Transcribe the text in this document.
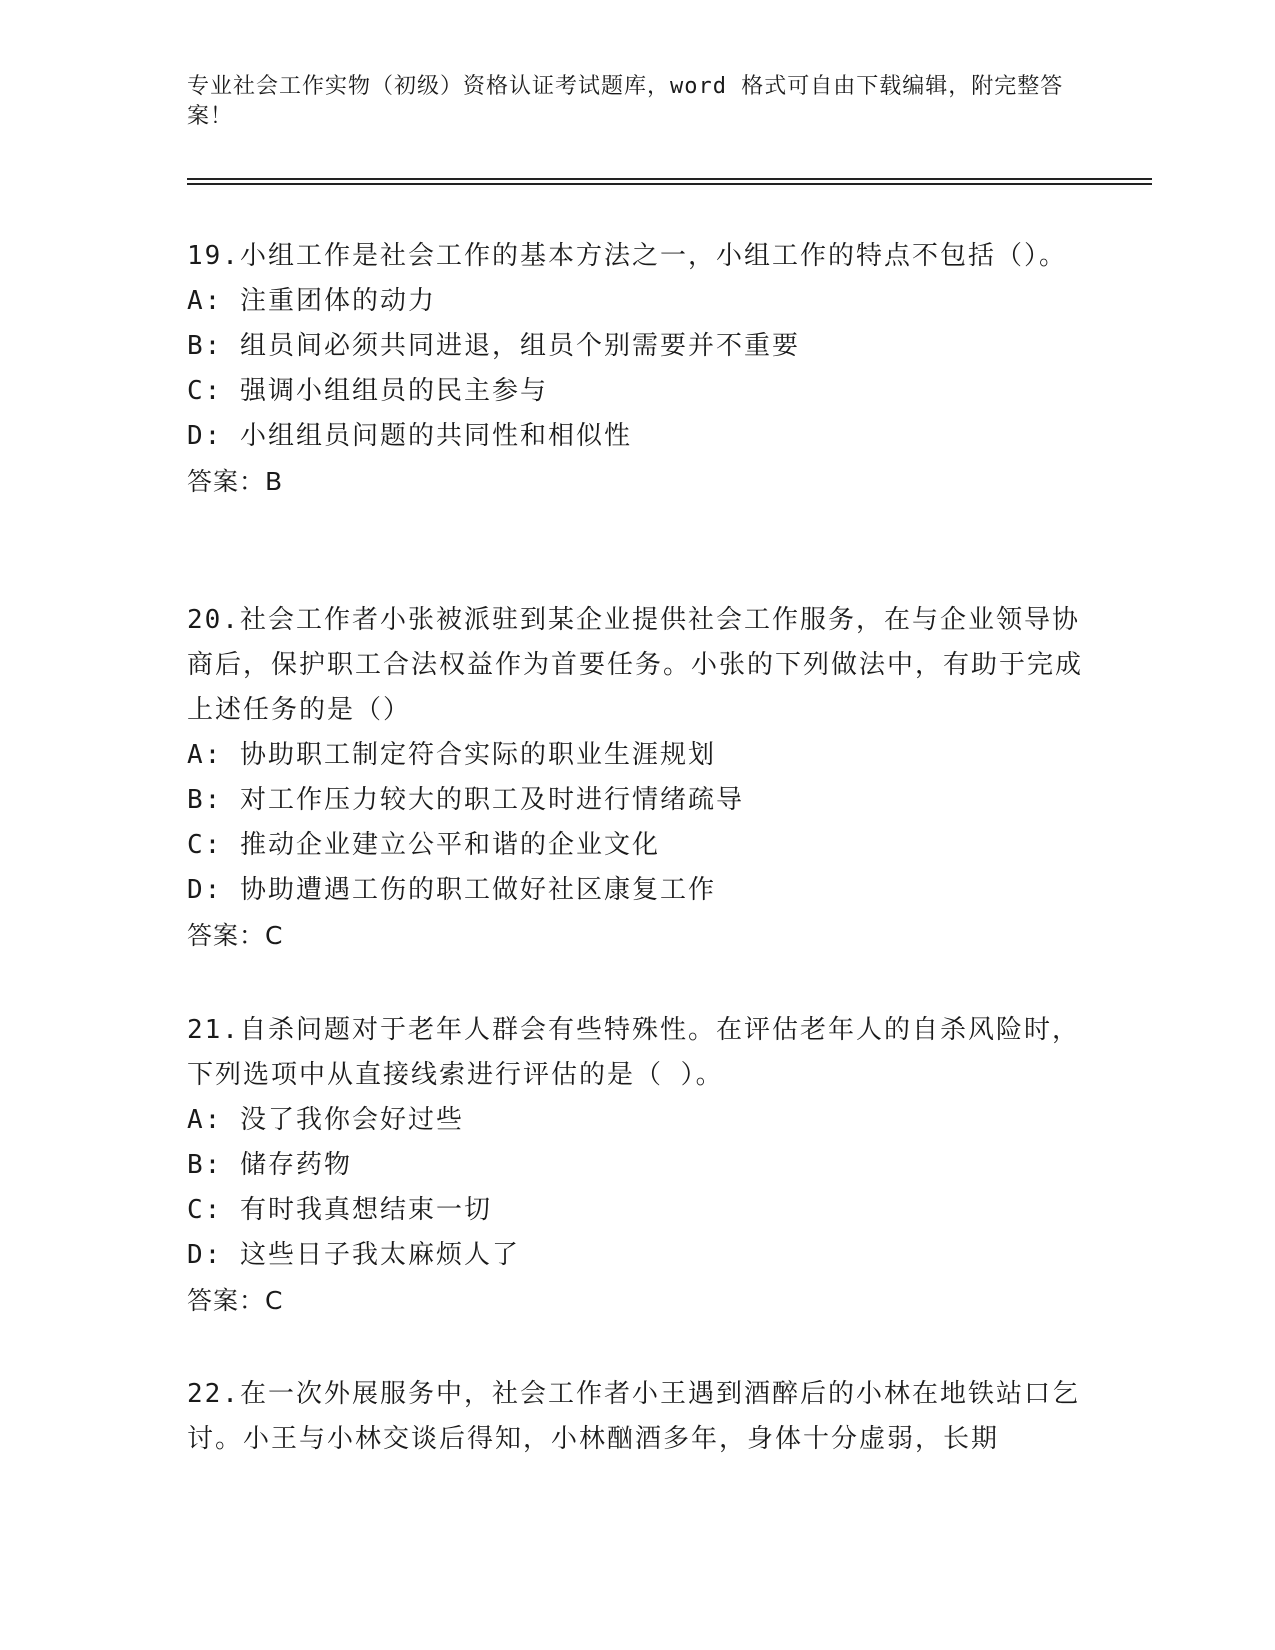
专业社会工作实物（初级）资格认证考试题库，word 格式可自由下载编辑，附完整答案！
19.小组工作是社会工作的基本方法之一，小组工作的特点不包括（）。
A: 注重团体的动力
B: 组员间必须共同进退，组员个别需要并不重要
C: 强调小组组员的民主参与
D: 小组组员问题的共同性和相似性
答案：B
20.社会工作者小张被派驻到某企业提供社会工作服务，在与企业领导协商后，保护职工合法权益作为首要任务。小张的下列做法中，有助于完成上述任务的是（）
A: 协助职工制定符合实际的职业生涯规划
B: 对工作压力较大的职工及时进行情绪疏导
C: 推动企业建立公平和谐的企业文化
D: 协助遭遇工伤的职工做好社区康复工作
答案：C
21.自杀问题对于老年人群会有些特殊性。在评估老年人的自杀风险时，下列选项中从直接线索进行评估的是（ ）。
A: 没了我你会好过些
B: 储存药物
C: 有时我真想结束一切
D: 这些日子我太麻烦人了
答案：C
22.在一次外展服务中，社会工作者小王遇到酒醉后的小林在地铁站口乞讨。小王与小林交谈后得知，小林酗酒多年，身体十分虚弱，长期
